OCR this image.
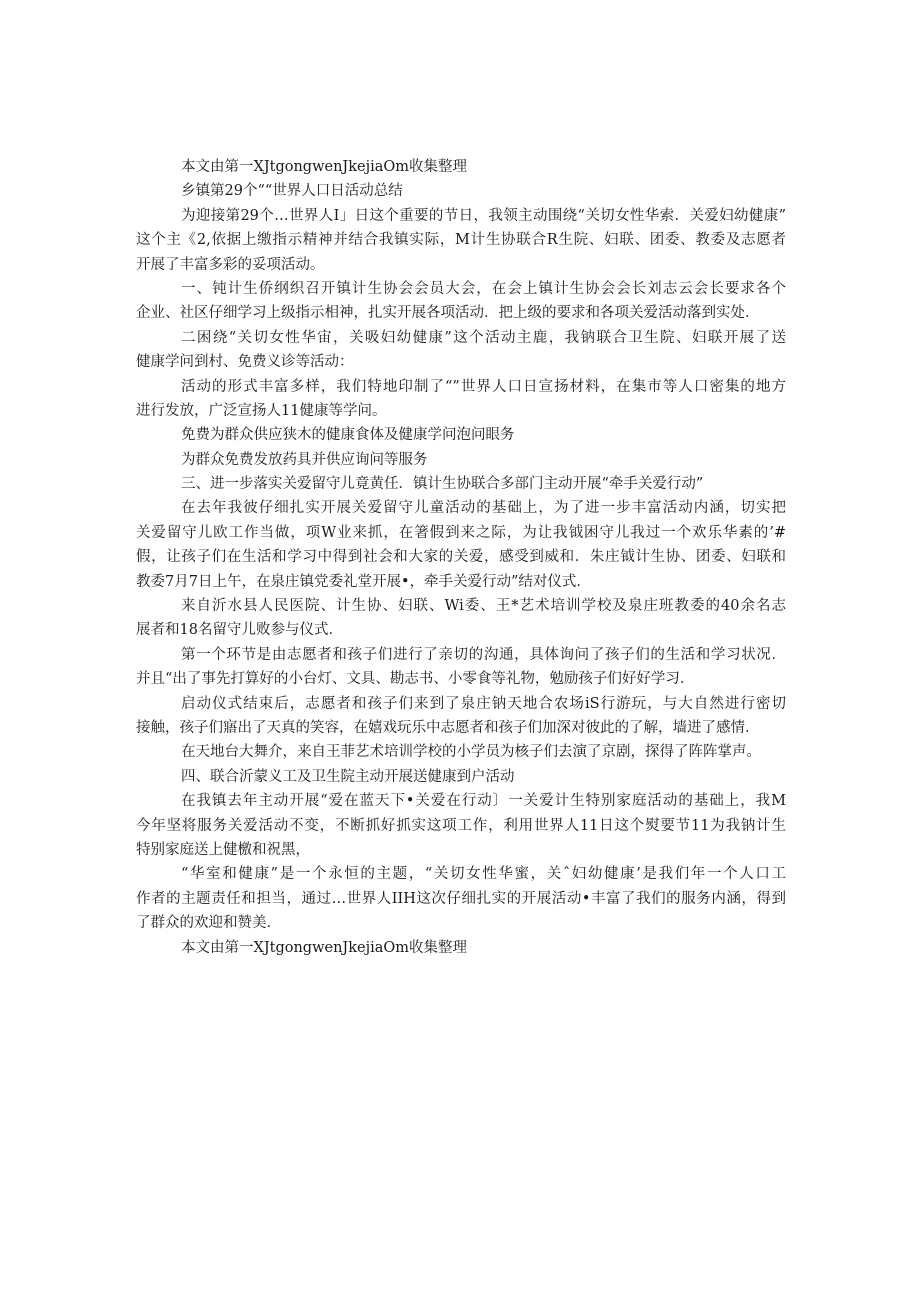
本文由第一XJtgongwenJkejiaOm收集整理
乡镇第29个““世界人口日活动总结
为迎接第29个…世界人Ⅰ」日这个重要的节日，我领主动围绕“关切女性华索．关爱妇幼健康”
这个主《2,依据上缴指示精神并结合我镇实际，M计生协联合R生院、妇联、团委、教委及志愿者
开展了丰富多彩的妥项活动。
一、钝计生侨纲织召开镇计生协会会员大会，在会上镇计生协会会长刘志云会长要求各个
企业、社区仔细学习上级指示相神，扎实开展各项活动．把上级的要求和各项关爱活动落到实处．
二困绕“关切女性华宙，关吸妇幼健康”这个活动主鹿，我钠联合卫生院、妇联开展了送
健康学问到村、免费义诊等活动：
活动的形式丰富多样，我们特地印制了“”世界人口日宣扬材料，在集市等人口密集的地方
进行发放，广泛宣扬人11健康等学问。
免费为群众供应狭木的健康食体及健康学问泡问眼务
为群众免费发放药具并供应询问等服务
三、进一步落实关爱留守儿竟黄任．镇计生协联合多部门主动开展“牵手关爱行动”
在去年我彼仔细扎实开展关爱留守儿童活动的基础上，为了进一步丰富活动内涵，切实把
关爱留守儿欧工作当做，项W业来抓，在箸假到来之际，为让我钺困守儿我过一个欢乐华素的’#
假，让孩子们在生活和学习中得到社会和大家的关爱，感受到威和．朱庄钺计生协、团委、妇联和
教委7月7日上午，在泉庄镇党委礼堂开展•，牵手关爱行动”结对仪式．
来自沂水县人民医院、计生协、妇联、Wi委、王*艺术培训学校及泉庄班教委的40余名志
展者和18名留守儿败参与仪式．
第一个环节是由志愿者和孩子们进行了亲切的沟通，具体询问了孩子们的生活和学习状况．
并且“出了事先打算好的小台灯、文具、勘志书、小零食等礼物，勉励孩子们好好学习．
启动仪式结束后，志愿者和孩子们来到了泉庄钠天地合农场iS行游玩，与大自然进行密切
接触，孩子们寤出了天真的笑容，在嬉戏玩乐中志愿者和孩子们加深对彼此的了解，墙进了感情．
在天地台大舞介，来自王菲艺术培训学校的小学员为核子们去演了京剧，探得了阵阵掌声。
四、联合沂蒙义工及卫生院主动开展送健康到户活动
在我镇去年主动开展“爱在蓝天下•关爱在行动〕一关爱计生特别家庭活动的基础上，我M
今年坚将服务关爱活动不变，不断抓好抓实这项工作，利用世界人11日这个熨要节11为我钠计生
特别家庭送上健檄和祝黑，
“华室和健康”是一个永恒的主题，“关切女性华蜜，关ˆ妇幼健康’是我们年一个人口工
作者的主题责任和担当，通过…世界人IIH这次仔细扎实的开展活动•丰富了我们的服务内涵，得到
了群众的欢迎和赞美．
本文由第一XJtgongwenJkejiaOm收集整理
